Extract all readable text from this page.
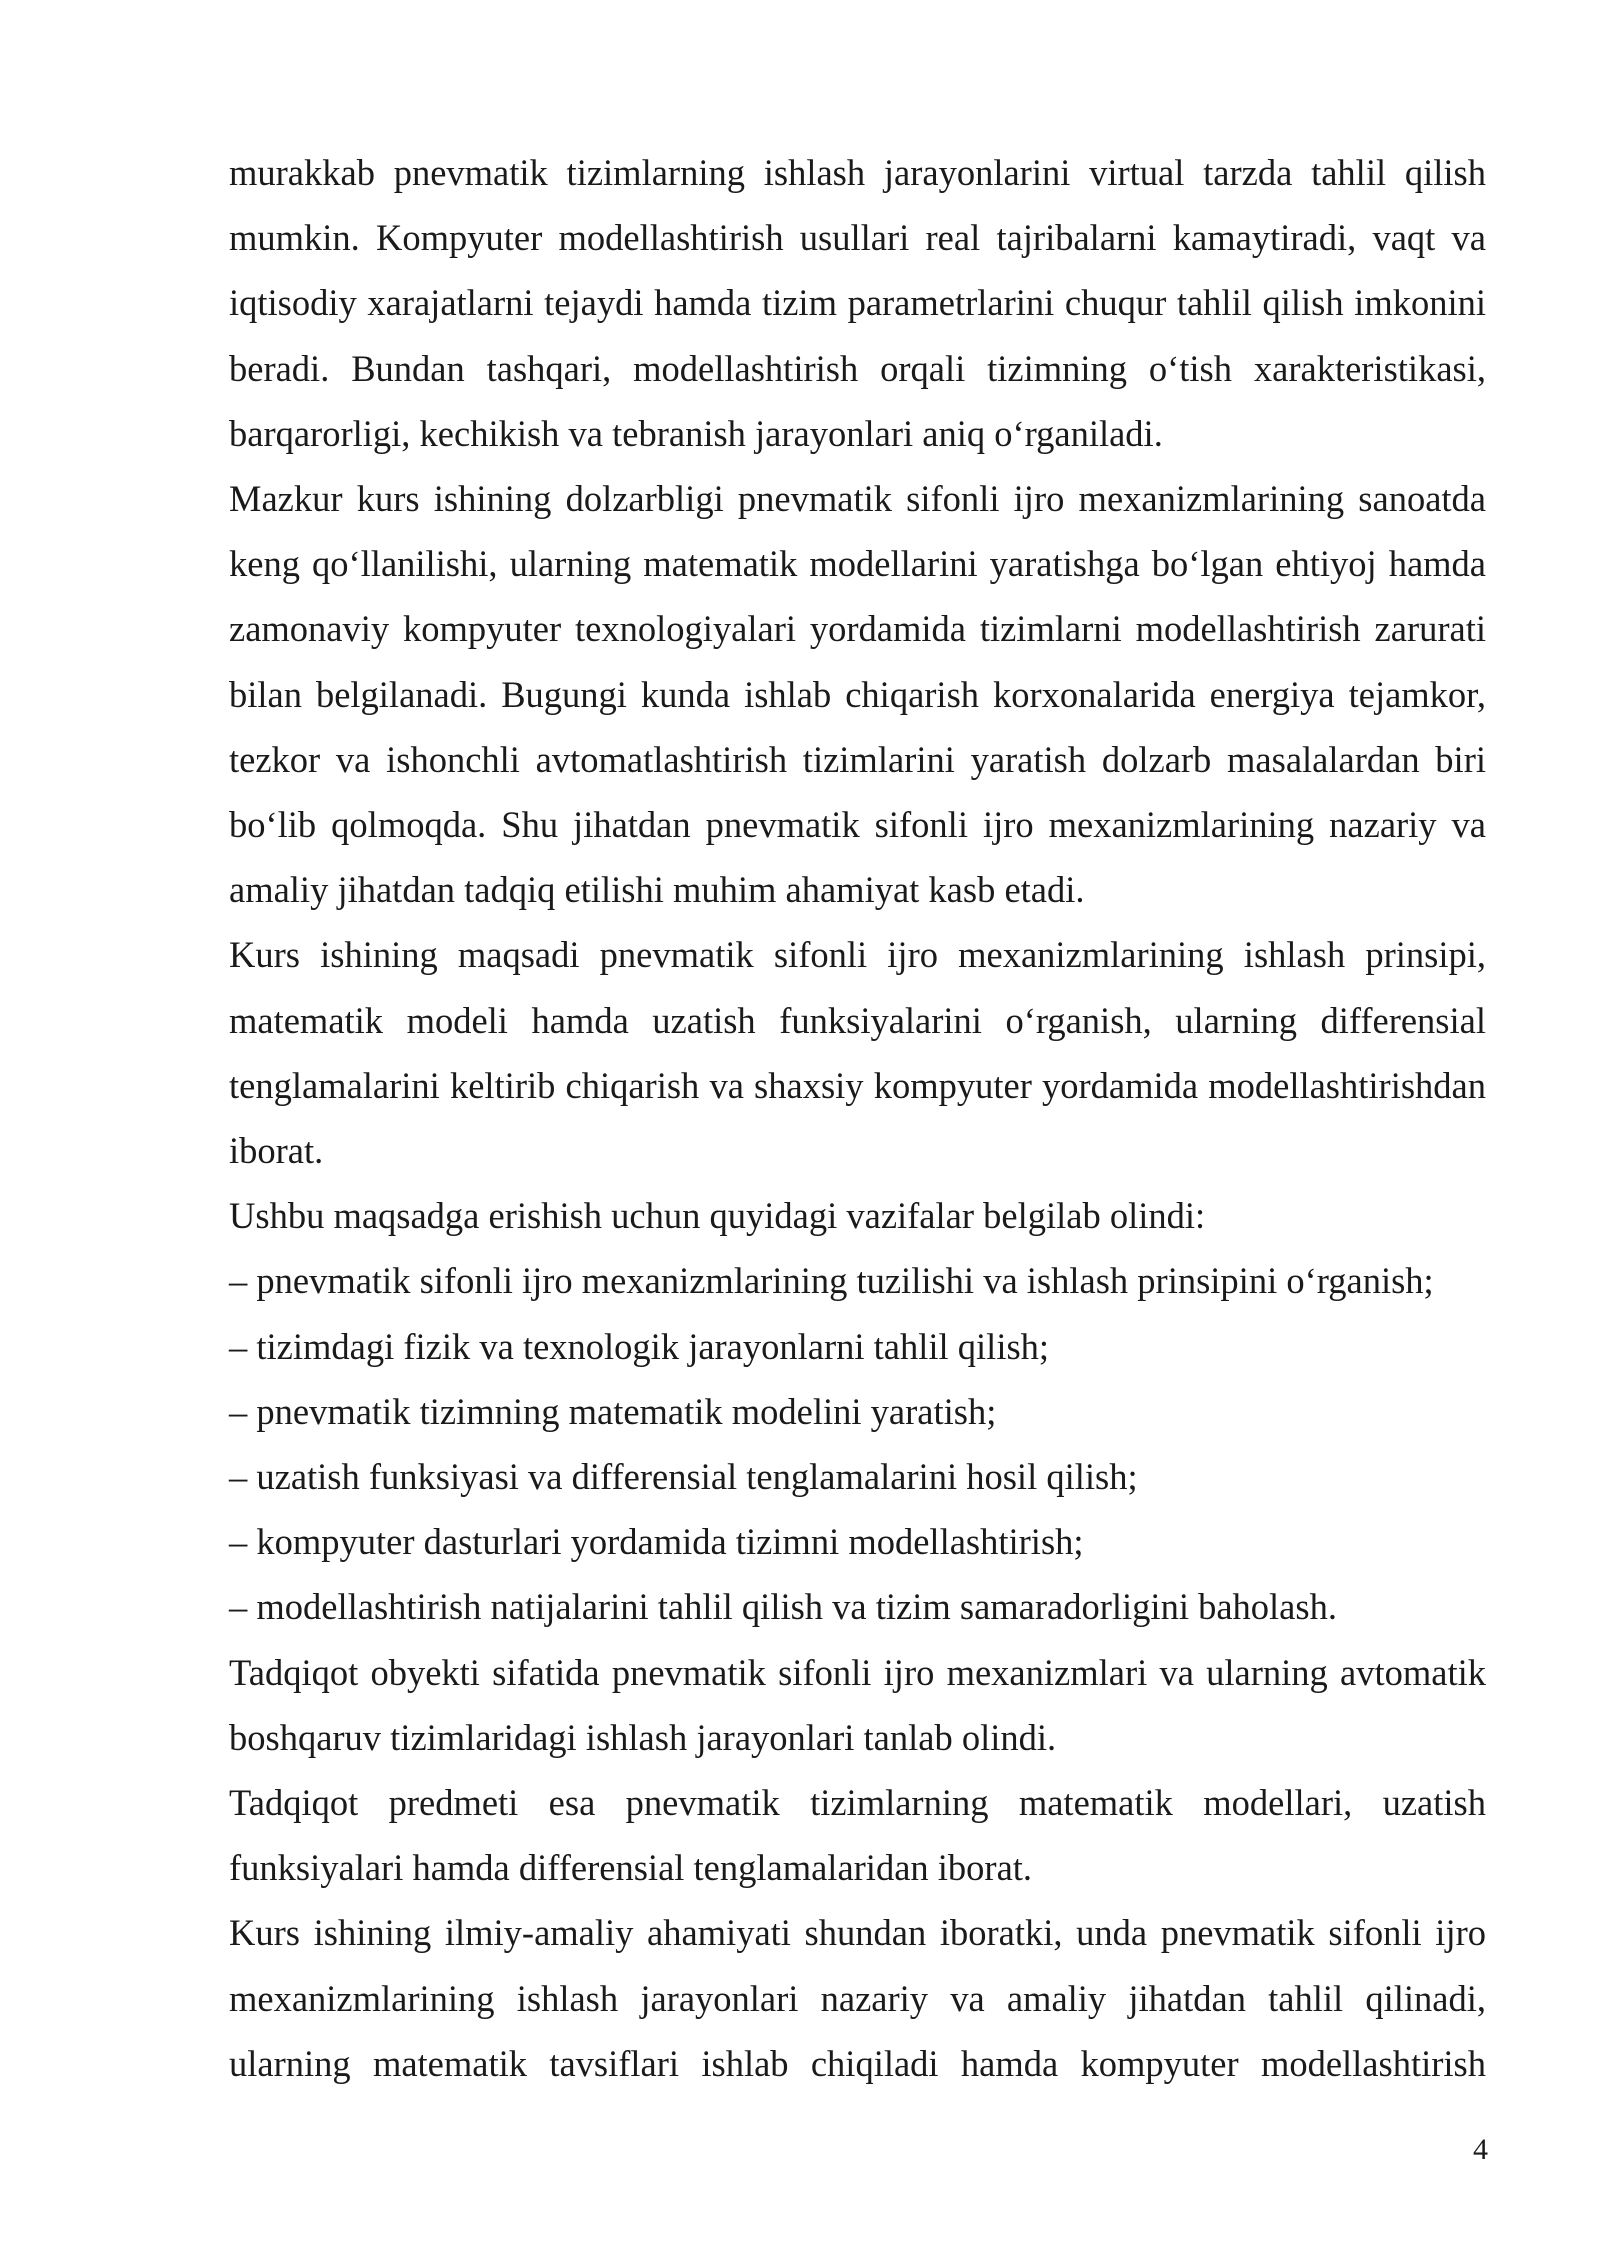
murakkab pnevmatik tizimlarning ishlash jarayonlarini virtual tarzda tahlil qilish mumkin. Kompyuter modellashtirish usullari real tajribalarni kamaytiradi, vaqt va iqtisodiy xarajatlarni tejaydi hamda tizim parametrlarini chuqur tahlil qilish imkonini beradi. Bundan tashqari, modellashtirish orqali tizimning o‘tish xarakteristikasi, barqarorligi, kechikish va tebranish jarayonlari aniq o‘rganiladi.

Mazkur kurs ishining dolzarbligi pnevmatik sifonli ijro mexanizmlarining sanoatda keng qo‘llanilishi, ularning matematik modellarini yaratishga bo‘lgan ehtiyoj hamda zamonaviy kompyuter texnologiyalari yordamida tizimlarni modellashtirish zarurati bilan belgilanadi. Bugungi kunda ishlab chiqarish korxonalarida energiya tejamkor, tezkor va ishonchli avtomatlashtirish tizimlarini yaratish dolzarb masalalardan biri bo‘lib qolmoqda. Shu jihatdan pnevmatik sifonli ijro mexanizmlarining nazariy va amaliy jihatdan tadqiq etilishi muhim ahamiyat kasb etadi.

Kurs ishining maqsadi pnevmatik sifonli ijro mexanizmlarining ishlash prinsipi, matematik modeli hamda uzatish funksiyalarini o‘rganish, ularning differensial tenglamalarini keltirib chiqarish va shaxsiy kompyuter yordamida modellashtirishdan iborat.

Ushbu maqsadga erishish uchun quyidagi vazifalar belgilab olindi:

– pnevmatik sifonli ijro mexanizmlarining tuzilishi va ishlash prinsipini o‘rganish;
– tizimdagi fizik va texnologik jarayonlarni tahlil qilish;
– pnevmatik tizimning matematik modelini yaratish;
– uzatish funksiyasi va differensial tenglamalarini hosil qilish;
– kompyuter dasturlari yordamida tizimni modellashtirish;
– modellashtirish natijalarini tahlil qilish va tizim samaradorligini baholash.

Tadqiqot obyekti sifatida pnevmatik sifonli ijro mexanizmlari va ularning avtomatik boshqaruv tizimlaridagi ishlash jarayonlari tanlab olindi.

Tadqiqot predmeti esa pnevmatik tizimlarning matematik modellari, uzatish funksiyalari hamda differensial tenglamalaridan iborat.

Kurs ishining ilmiy-amaliy ahamiyati shundan iboratki, unda pnevmatik sifonli ijro mexanizmlarining ishlash jarayonlari nazariy va amaliy jihatdan tahlil qilinadi, ularning matematik tavsiflari ishlab chiqiladi hamda kompyuter modellashtirish

4
